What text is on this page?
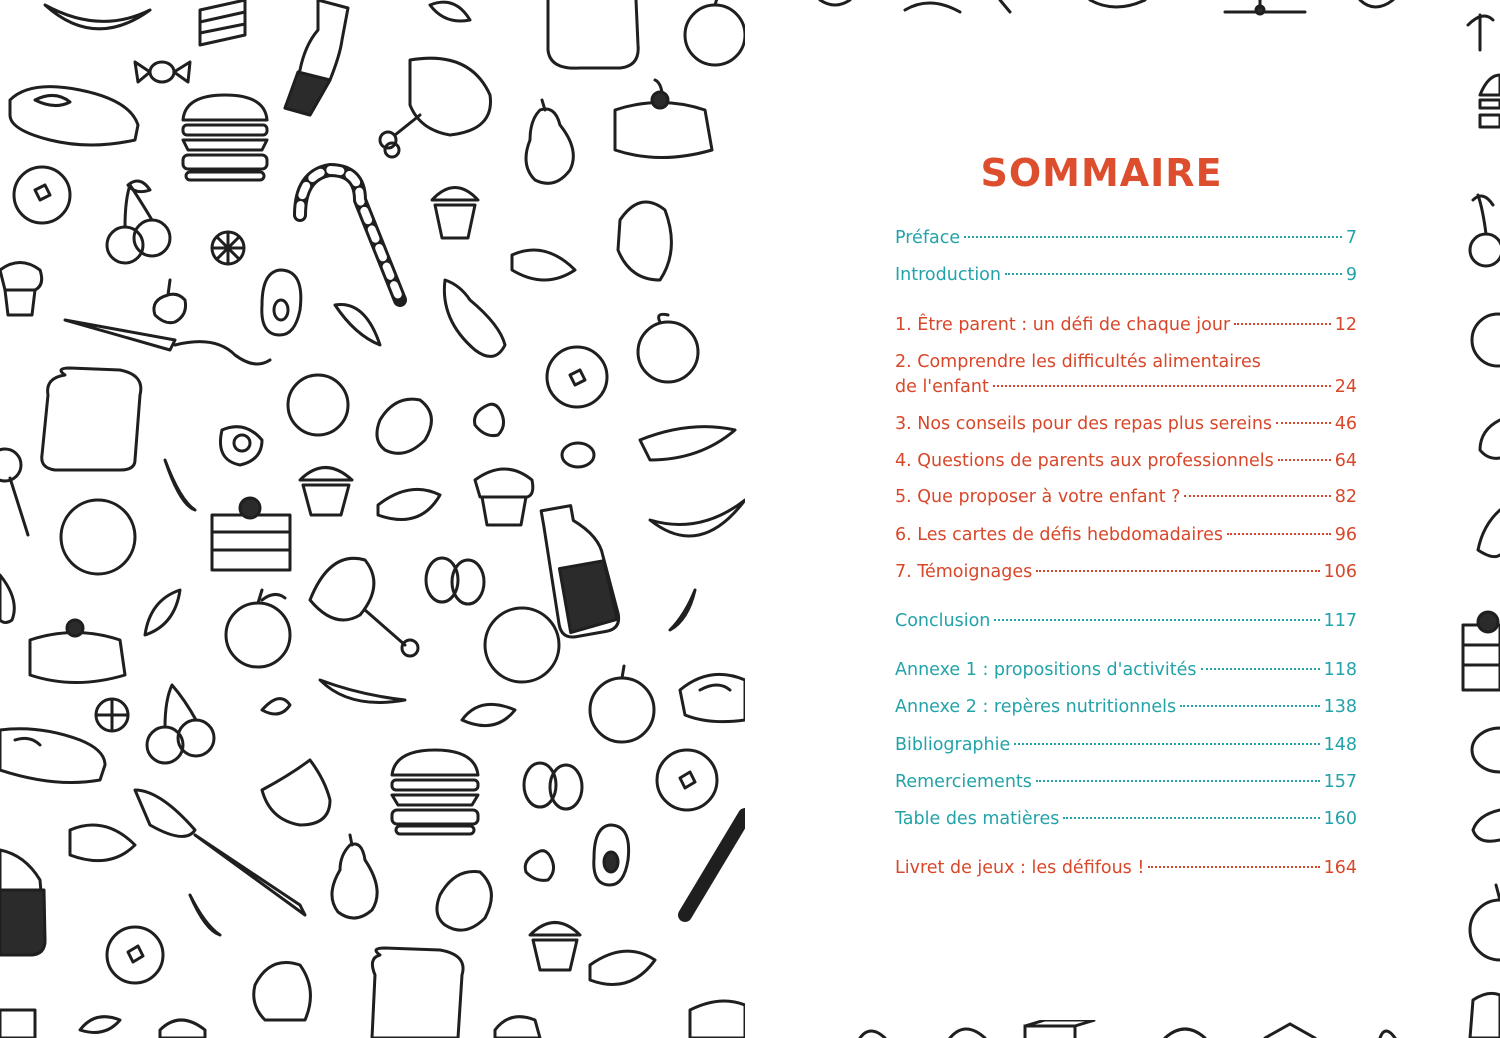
SOMMAIRE
Préface	7
Introduction	9
1. Être parent : un défi de chaque jour	12
2. Comprendre les difficultés alimentaires
de l'enfant	24
3. Nos conseils pour des repas plus sereins	46
4. Questions de parents aux professionnels	64
5. Que proposer à votre enfant ?	82
6. Les cartes de défis hebdomadaires	96
7. Témoignages	106
Conclusion	117
Annexe 1 : propositions d'activités	118
Annexe 2 : repères nutritionnels	138
Bibliographie	148
Remerciements	157
Table des matières	160
Livret de jeux : les défifous !	164
